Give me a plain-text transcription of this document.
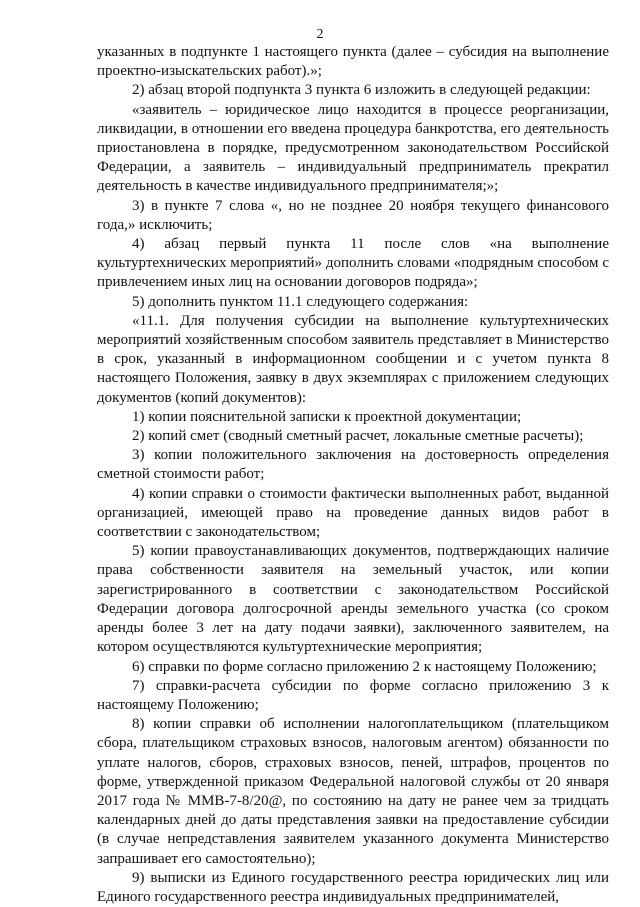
2

указанных в подпункте 1 настоящего пункта (далее – субсидия на выполнение проектно-изыскательских работ).»;

2) абзац второй подпункта 3 пункта 6 изложить в следующей редакции:

«заявитель – юридическое лицо находится в процессе реорганизации, ликвидации, в отношении его введена процедура банкротства, его деятельность приостановлена в порядке, предусмотренном законодательством Российской Федерации, а заявитель – индивидуальный предприниматель прекратил деятельность в качестве индивидуального предпринимателя;»;

3) в пункте 7 слова «, но не позднее 20 ноября текущего финансового года,» исключить;

4) абзац первый пункта 11 после слов «на выполнение культуртехнических мероприятий» дополнить словами «подрядным способом с привлечением иных лиц на основании договоров подряда»;

5) дополнить пунктом 11.1 следующего содержания:

«11.1. Для получения субсидии на выполнение культуртехнических мероприятий хозяйственным способом заявитель представляет в Министерство в срок, указанный в информационном сообщении и с учетом пункта 8 настоящего Положения, заявку в двух экземплярах с приложением следующих документов (копий документов):

1) копии пояснительной записки к проектной документации;

2) копий смет (сводный сметный расчет, локальные сметные расчеты);

3) копии положительного заключения на достоверность определения сметной стоимости работ;

4) копии справки о стоимости фактически выполненных работ, выданной организацией, имеющей право на проведение данных видов работ в соответствии с законодательством;

5) копии правоустанавливающих документов, подтверждающих наличие права собственности заявителя на земельный участок, или копии зарегистрированного в соответствии с законодательством Российской Федерации договора долгосрочной аренды земельного участка (со сроком аренды более 3 лет на дату подачи заявки), заключенного заявителем, на котором осуществляются культуртехнические мероприятия;

6) справки по форме согласно приложению 2 к настоящему Положению;

7) справки-расчета субсидии по форме согласно приложению 3 к настоящему Положению;

8) копии справки об исполнении налогоплательщиком (плательщиком сбора, плательщиком страховых взносов, налоговым агентом) обязанности по уплате налогов, сборов, страховых взносов, пеней, штрафов, процентов по форме, утвержденной приказом Федеральной налоговой службы от 20 января 2017 года № ММВ-7-8/20@, по состоянию на дату не ранее чем за тридцать календарных дней до даты представления заявки на предоставление субсидии (в случае непредставления заявителем указанного документа Министерство запрашивает его самостоятельно);

9) выписки из Единого государственного реестра юридических лиц или Единого государственного реестра индивидуальных предпринимателей,
